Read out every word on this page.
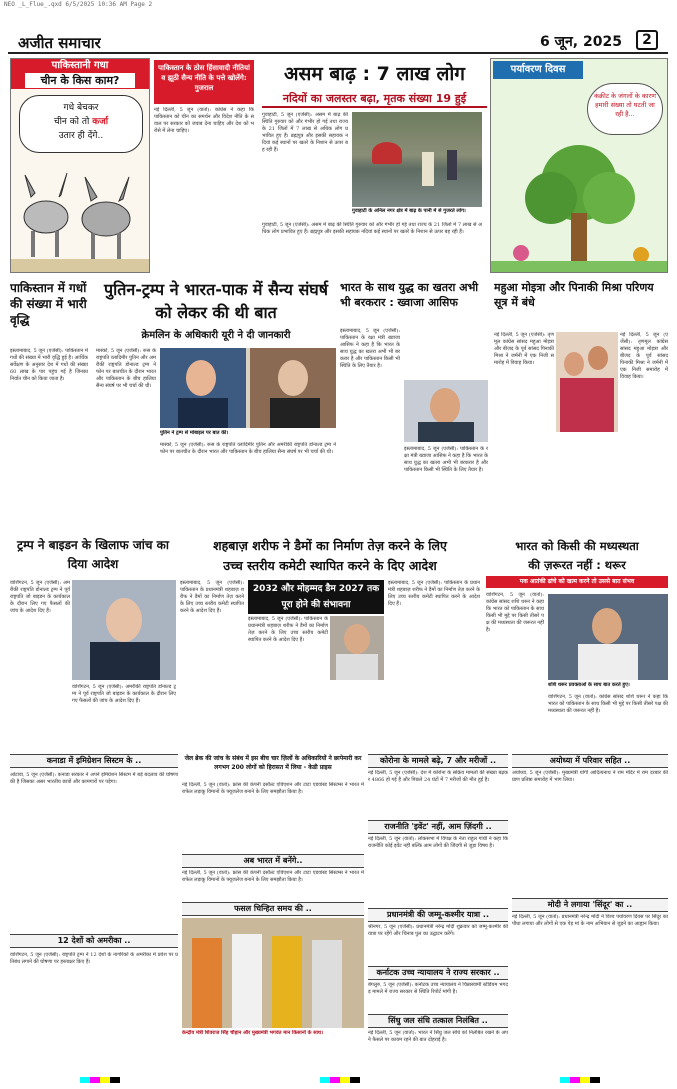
NEO _L_Flue_.qxd 6/5/2025 10:36 AM Page 2
अजीत समाचार	6 जून, 2025	2
पाकिस्तानी गधा
चीन के किस काम?
गधे बेचकर
चीन को तो कर्जा
उतार ही देंगे..
पाकिस्तान के ठोस हिंसावादी नीतियां व झूठी सैन्य नीति के पत्ते खोलेंगे: गुजराल
नई दिल्ली, 5 जून (वार्ता): कांग्रेस ने कहा कि पाकिस्तान को चीन का समर्थन और विदेश नीति के सवाल पर सरकार को जवाब देना चाहिए और देश को भरोसे में लेना चाहिए।
असम बाढ़ : 7 लाख लोग
नदियों का जलस्तर बढ़ा, मृतक संख्या 19 हुई
गुवाहाटी, 5 जून (एजेंसी): असम में बाढ़ की स्थिति गुरुवार को और गंभीर हो गई तथा राज्य के 21 जिलों में 7 लाख से अधिक लोग प्रभावित हुए हैं। ब्रह्मपुत्र और इसकी सहायक नदियां कई स्थानों पर खतरे के निशान से ऊपर बह रही हैं।
गुवाहाटी के अनिल नगर क्षेत्र में बाढ़ के पानी में से गुजरते लोग।
गुवाहाटी, 5 जून (एजेंसी): असम में बाढ़ की स्थिति गुरुवार को और गंभीर हो गई तथा राज्य के 21 जिलों में 7 लाख से अधिक लोग प्रभावित हुए हैं। ब्रह्मपुत्र और इसकी सहायक नदियां कई स्थानों पर खतरे के निशान से ऊपर बह रही हैं।
पर्यावरण दिवस
कंक्रीट के जंगलों के कारण हमारी संख्या तो घटती जा रही है...
पाकिस्तान में गधों की संख्या में भारी वृद्धि
इस्लामाबाद, 5 जून (एजेंसी): पाकिस्तान में गधों की संख्या में भारी वृद्धि हुई है। आर्थिक सर्वेक्षण के अनुसार देश में गधों की संख्या 60 लाख के पार पहुंच गई है जिनका निर्यात चीन को किया जाता है।
पुतिन-ट्रम्प ने भारत-पाक में सैन्य संघर्ष को लेकर की थी बात
क्रेमलिन के अधिकारी यूरी ने दी जानकारी
मास्को, 5 जून (एजेंसी): रूस के राष्ट्रपति व्लादिमीर पुतिन और अमरीकी राष्ट्रपति डोनाल्ड ट्रम्प ने फोन पर बातचीत के दौरान भारत और पाकिस्तान के बीच हालिया सैन्य संघर्ष पर भी चर्चा की थी।
पुतिन ने ट्रम्प से मोबाइल पर बात की।
मास्को, 5 जून (एजेंसी): रूस के राष्ट्रपति व्लादिमीर पुतिन और अमरीकी राष्ट्रपति डोनाल्ड ट्रम्प ने फोन पर बातचीत के दौरान भारत और पाकिस्तान के बीच हालिया सैन्य संघर्ष पर भी चर्चा की थी।
भारत के साथ युद्ध का खतरा अभी भी बरकरार : ख्वाजा आसिफ
इस्लामाबाद, 5 जून (एजेंसी): पाकिस्तान के रक्षा मंत्री ख्वाजा आसिफ ने कहा है कि भारत के साथ युद्ध का खतरा अभी भी बरकरार है और पाकिस्तान किसी भी स्थिति के लिए तैयार है।
इस्लामाबाद, 5 जून (एजेंसी): पाकिस्तान के रक्षा मंत्री ख्वाजा आसिफ ने कहा है कि भारत के साथ युद्ध का खतरा अभी भी बरकरार है और पाकिस्तान किसी भी स्थिति के लिए तैयार है।
महुआ मोइत्रा और पिनाकी मिश्रा परिणय सूत्र में बंधे
नई दिल्ली, 5 जून (एजेंसी): तृणमूल कांग्रेस सांसद महुआ मोइत्रा और बीजद के पूर्व सांसद पिनाकी मिश्रा ने जर्मनी में एक निजी समारोह में विवाह किया।
नई दिल्ली, 5 जून (एजेंसी): तृणमूल कांग्रेस सांसद महुआ मोइत्रा और बीजद के पूर्व सांसद पिनाकी मिश्रा ने जर्मनी में एक निजी समारोह में विवाह किया।
ट्रम्प ने बाइडन के खिलाफ जांच का दिया आदेश
वाशिंगटन, 5 जून (एजेंसी): अमरीकी राष्ट्रपति डोनाल्ड ट्रम्प ने पूर्व राष्ट्रपति जो बाइडन के कार्यकाल के दौरान लिए गए फैसलों की जांच के आदेश दिए हैं।
वाशिंगटन, 5 जून (एजेंसी): अमरीकी राष्ट्रपति डोनाल्ड ट्रम्प ने पूर्व राष्ट्रपति जो बाइडन के कार्यकाल के दौरान लिए गए फैसलों की जांच के आदेश दिए हैं।
शहबाज़ शरीफ ने डैमों का निर्माण तेज़ करने के लिए
उच्च स्तरीय कमेटी स्थापित करने के दिए आदेश
इस्लामाबाद, 5 जून (एजेंसी): पाकिस्तान के प्रधानमंत्री शहबाज़ शरीफ ने डैमों का निर्माण तेज़ करने के लिए उच्च स्तरीय कमेटी स्थापित करने के आदेश दिए हैं।
2032 और मोहम्मद डैम 2027 तक पूरा होने की संभावना
इस्लामाबाद, 5 जून (एजेंसी): पाकिस्तान के प्रधानमंत्री शहबाज़ शरीफ ने डैमों का निर्माण तेज़ करने के लिए उच्च स्तरीय कमेटी स्थापित करने के आदेश दिए हैं।
इस्लामाबाद, 5 जून (एजेंसी): पाकिस्तान के प्रधानमंत्री शहबाज़ शरीफ ने डैमों का निर्माण तेज़ करने के लिए उच्च स्तरीय कमेटी स्थापित करने के आदेश दिए हैं।
भारत को किसी की मध्यस्थता
की ज़रूरत नहीं : थरूर
पक आतंकी ढांचे को खत्म करने तो उससे बात संभव
वाशिंगटन, 5 जून (वार्ता): कांग्रेस सांसद शशि थरूर ने कहा कि भारत को पाकिस्तान के साथ किसी भी मुद्दे पर किसी तीसरे पक्ष की मध्यस्थता की जरूरत नहीं है।
शशि थरूर प्रवक्ताओं के साथ बात करते हुए।
वाशिंगटन, 5 जून (वार्ता): कांग्रेस सांसद शशि थरूर ने कहा कि भारत को पाकिस्तान के साथ किसी भी मुद्दे पर किसी तीसरे पक्ष की मध्यस्थता की जरूरत नहीं है।
कनाडा में इमिग्रेशन सिस्टम के ..
ओटावा, 5 जून (एजेंसी): कनाडा सरकार ने अपने इमिग्रेशन सिस्टम में बड़े बदलाव की घोषणा की है जिसका असर भारतीय छात्रों और कामगारों पर पड़ेगा।
12 देशों को अमरीका ..
वाशिंगटन, 5 जून (एजेंसी): राष्ट्रपति ट्रम्प ने 12 देशों के नागरिकों के अमरीका में प्रवेश पर प्रतिबंध लगाने की घोषणा पर हस्ताक्षर किए हैं।
जेल ब्रेक की जांच के संबंध में इस बीच चार ज़िलों के अधिकारियों ने छापेमारी कर लगभग 200 लोगों को हिरासत में लिया - केडी प्राइस
नई दिल्ली, 5 जून (वार्ता): फ्रांस की कंपनी दसॉल्ट एविएशन और टाटा एडवांस्ड सिस्टम्स ने भारत में राफेल लड़ाकू विमानों के फ्यूजलेज बनाने के लिए समझौता किया है।
अब भारत में बनेंगे..
नई दिल्ली, 5 जून (वार्ता): फ्रांस की कंपनी दसॉल्ट एविएशन और टाटा एडवांस्ड सिस्टम्स ने भारत में राफेल लड़ाकू विमानों के फ्यूजलेज बनाने के लिए समझौता किया है।
फसल चिन्हित समय की ..
केन्द्रीय मंत्री शिवराज सिंह चौहान और मुख्यमंत्री भगवंत मान किसानों के साथ।
कोरोना के मामले बढ़े, 7 और मरीजों ..
नई दिल्ली, 5 जून (एजेंसी): देश में कोरोना के सक्रिय मामलों की संख्या बढ़कर 4866 हो गई है और पिछले 24 घंटों में 7 मरीजों की मौत हुई है।
राजनीति 'इवेंट' नहीं, आम ज़िंदगी ..
नई दिल्ली, 5 जून (वार्ता): लोकसभा में विपक्ष के नेता राहुल गांधी ने कहा कि राजनीति कोई इवेंट नहीं बल्कि आम लोगों की जिंदगी से जुड़ा विषय है।
प्रधानमंत्री की जम्मू-कश्मीर यात्रा ..
श्रीनगर, 5 जून (एजेंसी): प्रधानमंत्री नरेन्द्र मोदी शुक्रवार को जम्मू-कश्मीर की यात्रा पर रहेंगे और चिनाब पुल का उद्घाटन करेंगे।
कर्नाटक उच्च न्यायालय ने राज्य सरकार ..
बेंगलुरु, 5 जून (एजेंसी): कर्नाटक उच्च न्यायालय ने चिन्नास्वामी स्टेडियम भगदड़ मामले में राज्य सरकार से स्थिति रिपोर्ट मांगी है।
सिंधु जल संधि तत्काल निलंबित ..
नई दिल्ली, 5 जून (वार्ता): भारत ने सिंधु जल संधि को निलंबित रखने के अपने फैसले पर कायम रहने की बात दोहराई है।
अयोध्या में परिवार सहित ..
अयोध्या, 5 जून (एजेंसी): मुख्यमंत्री योगी आदित्यनाथ ने राम मंदिर में राम दरबार की प्राण प्रतिष्ठा समारोह में भाग लिया।
मोदी ने लगाया 'सिंदूर' का ..
नई दिल्ली, 5 जून (वार्ता): प्रधानमंत्री नरेन्द्र मोदी ने विश्व पर्यावरण दिवस पर सिंदूर का पौधा लगाया और लोगों से एक पेड़ मां के नाम अभियान से जुड़ने का आह्वान किया।
